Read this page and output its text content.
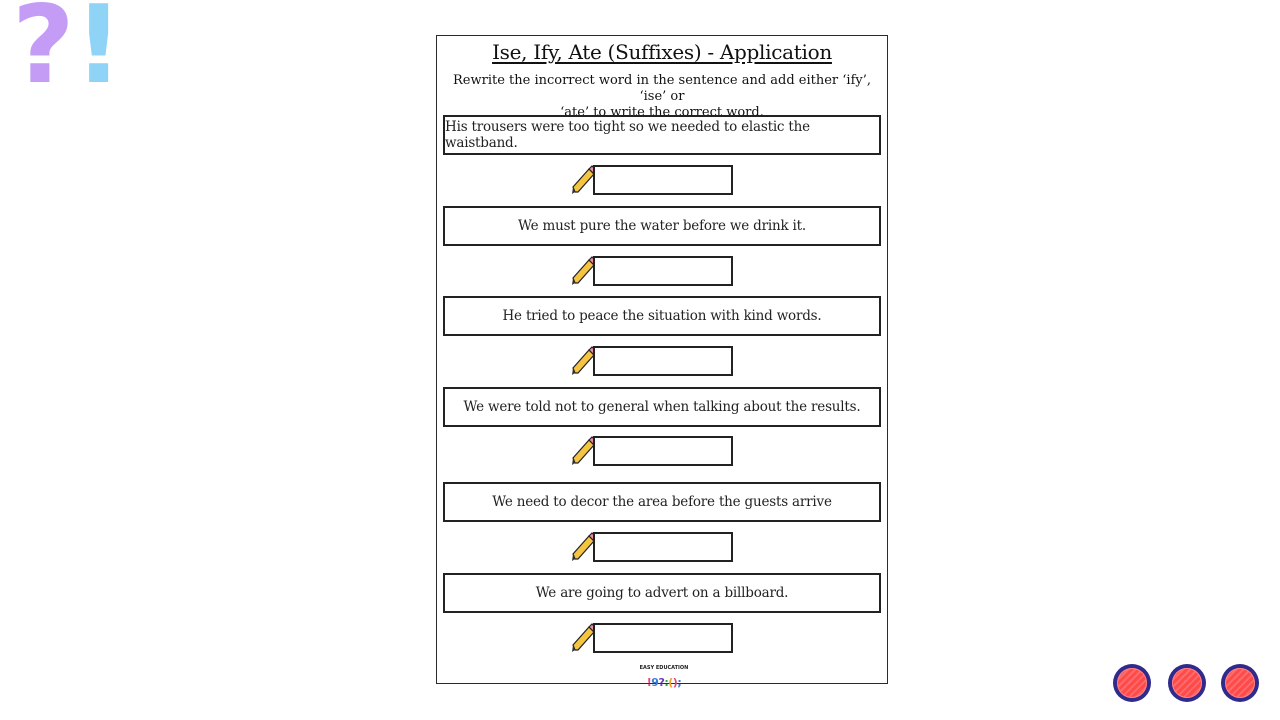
? !	Ise, Ify, Ate (Suffixes) - Application
Rewrite the incorrect word in the sentence and add either ‘ify’, ‘ise’ or
‘ate’ to write the correct word.
His trousers were too tight so we needed to elastic the waistband.
We must pure the water before we drink it.
He tried to peace the situation with kind words.
We were told not to general when talking about the results.
We need to decor the area before the guests arrive
We are going to advert on a billboard.
EASY EDUCATION
!9?:();
